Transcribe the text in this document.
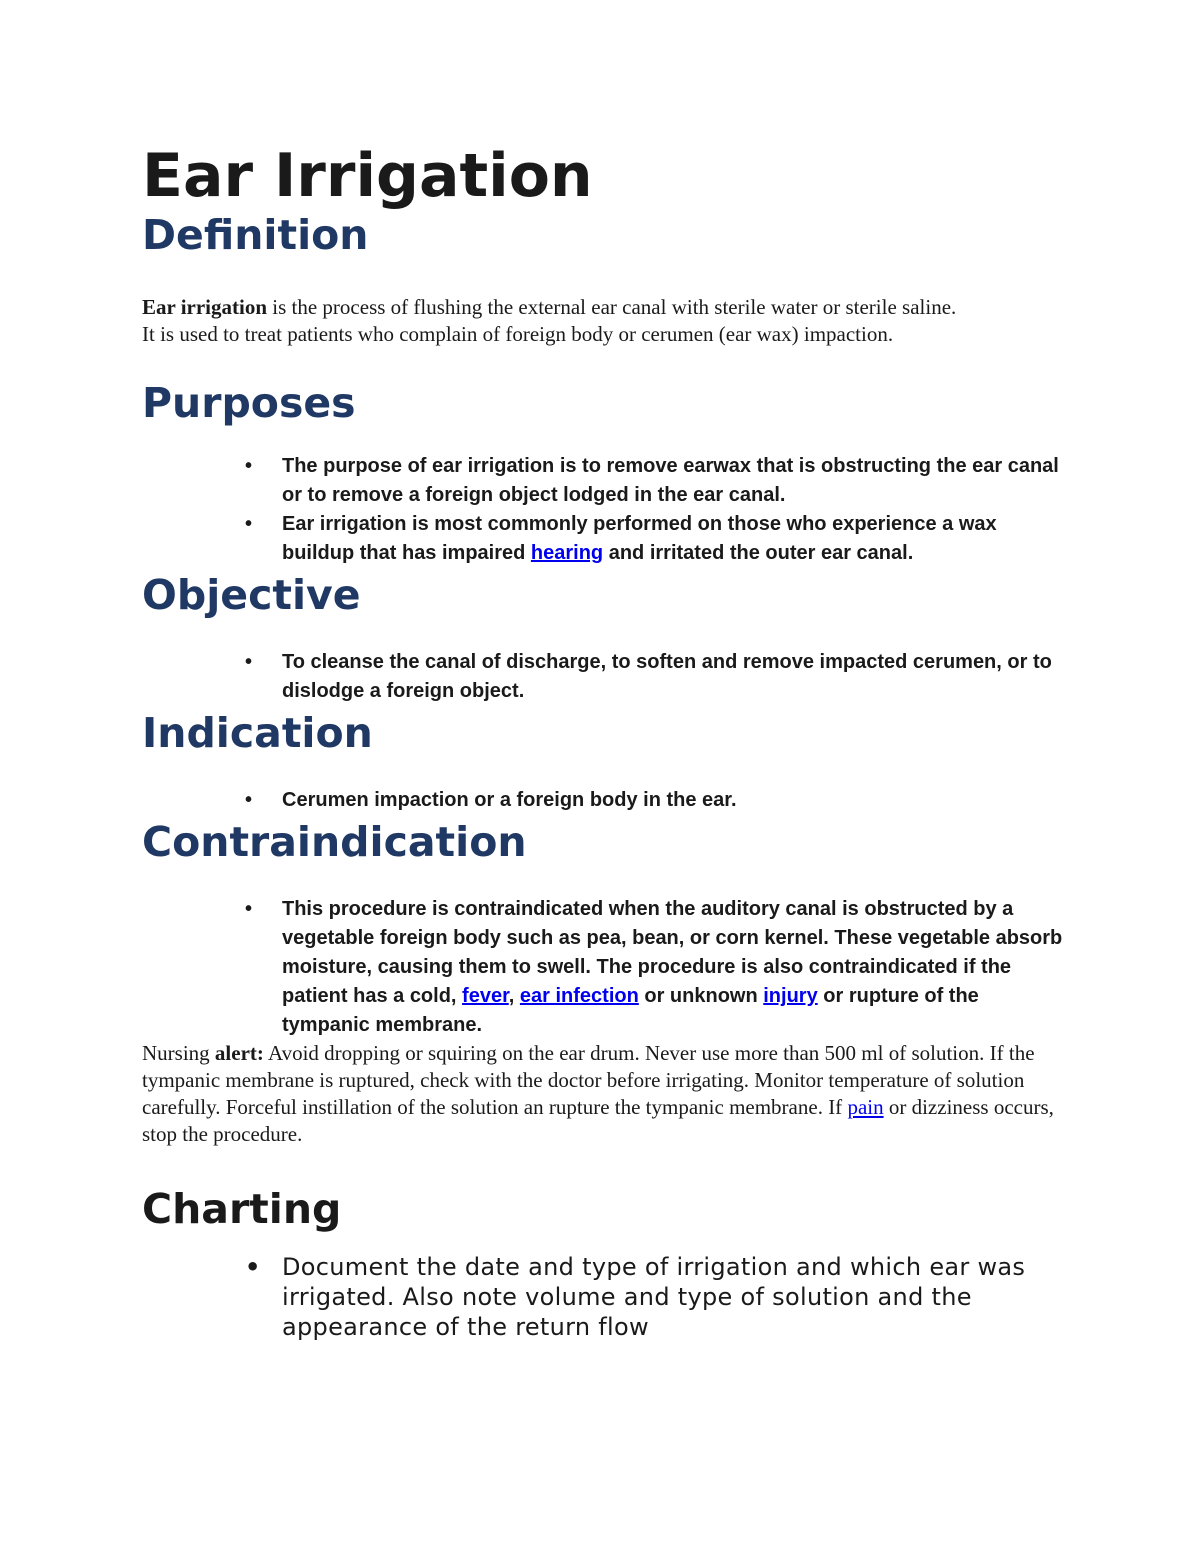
Ear Irrigation
Definition

Ear irrigation is the process of flushing the external ear canal with sterile water or sterile saline.
It is used to treat patients who complain of foreign body or cerumen (ear wax) impaction.

Purposes
• The purpose of ear irrigation is to remove earwax that is obstructing the ear canal or to remove a foreign object lodged in the ear canal.
• Ear irrigation is most commonly performed on those who experience a wax buildup that has impaired hearing and irritated the outer ear canal.
Objective
• To cleanse the canal of discharge, to soften and remove impacted cerumen, or to dislodge a foreign object.
Indication
• Cerumen impaction or a foreign body in the ear.
Contraindication
• This procedure is contraindicated when the auditory canal is obstructed by a vegetable foreign body such as pea, bean, or corn kernel. These vegetable absorb moisture, causing them to swell. The procedure is also contraindicated if the patient has a cold, fever, ear infection or unknown injury or rupture of the tympanic membrane.

Nursing alert: Avoid dropping or squiring on the ear drum. Never use more than 500 ml of solution. If the tympanic membrane is ruptured, check with the doctor before irrigating. Monitor temperature of solution carefully. Forceful instillation of the solution an rupture the tympanic membrane. If pain or dizziness occurs, stop the procedure.

Charting
• Document the date and type of irrigation and which ear was irrigated. Also note volume and type of solution and the appearance of the return flow
